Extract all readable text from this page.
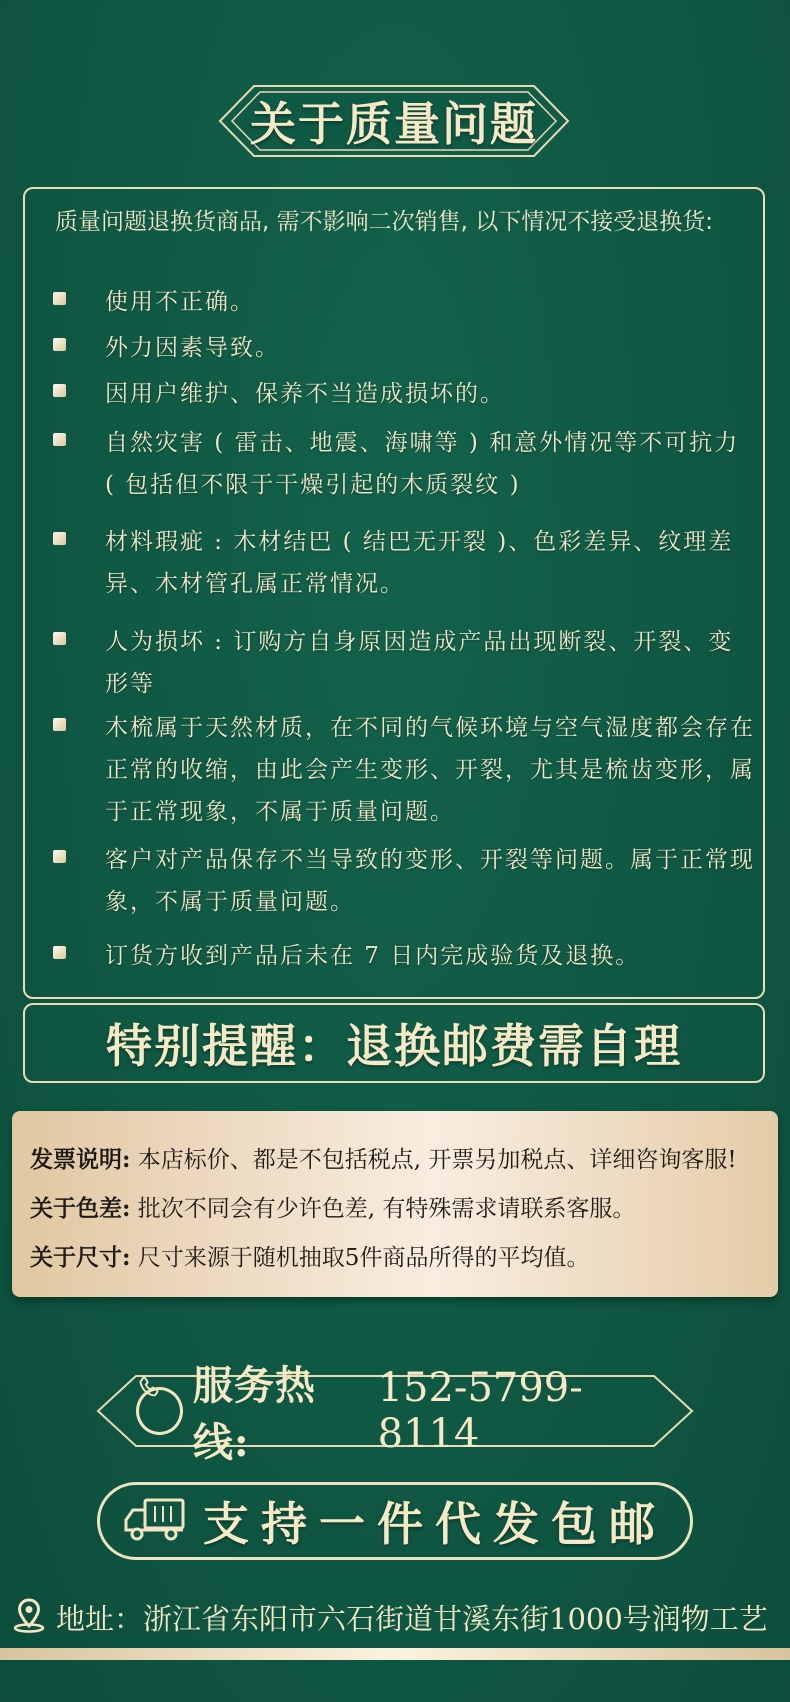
关于质量问题
质量问题退换货商品, 需不影响二次销售, 以下情况不接受退换货:
使用不正确。
外力因素导致。
因用户维护、保养不当造成损坏的。
自然灾害 ( 雷击、地震、海啸等 ) 和意外情况等不可抗力 ( 包括但不限于干燥引起的木质裂纹 )
材料瑕疵 : 木材结巴 ( 结巴无开裂 )、色彩差异、纹理差异、木材管孔属正常情况。
人为损坏 : 订购方自身原因造成产品出现断裂、开裂、变形等
木梳属于天然材质，在不同的气候环境与空气湿度都会存在正常的收缩，由此会产生变形、开裂，尤其是梳齿变形，属于正常现象，不属于质量问题。
客户对产品保存不当导致的变形、开裂等问题。属于正常现象，不属于质量问题。
订货方收到产品后未在 7 日内完成验货及退换。
特别提醒：退换邮费需自理
发票说明: 本店标价、都是不包括税点, 开票另加税点、详细咨询客服!
关于色差: 批次不同会有少许色差, 有特殊需求请联系客服。
关于尺寸: 尺寸来源于随机抽取5件商品所得的平均值。
服务热线:
152-5799-8114
支持一件代发包邮
地址：浙江省东阳市六石街道甘溪东街1000号润物工艺
